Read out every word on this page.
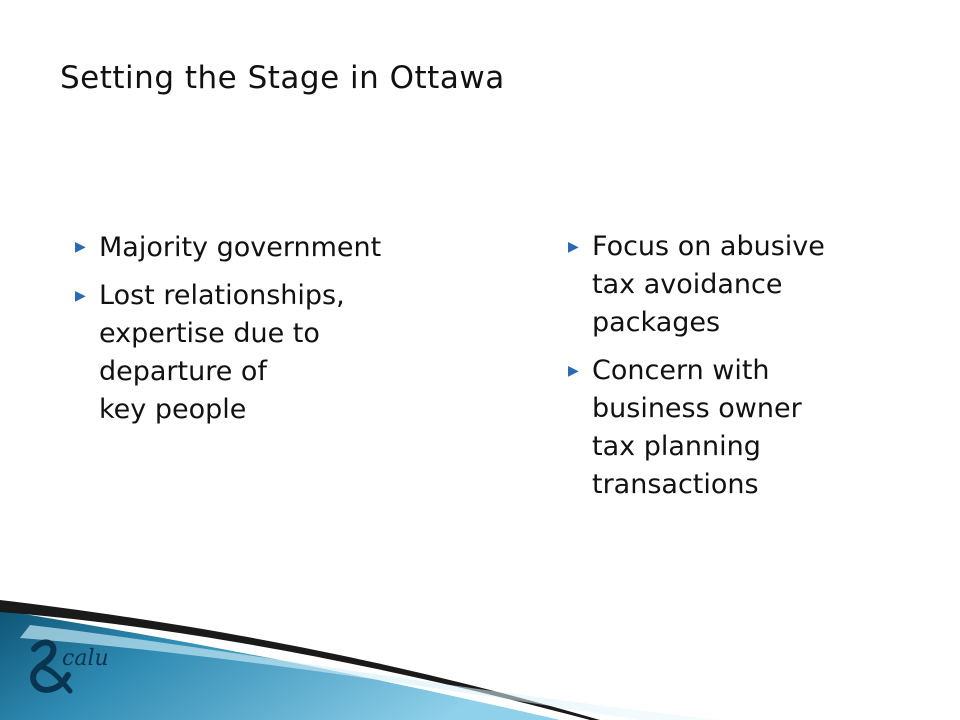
Setting the Stage in Ottawa
▶ Majority government
▶ Lost relationships,
expertise due to
departure of
key people
▶ Focus on abusive
tax avoidance
packages
▶ Concern with
business owner
tax planning
transactions
calu
